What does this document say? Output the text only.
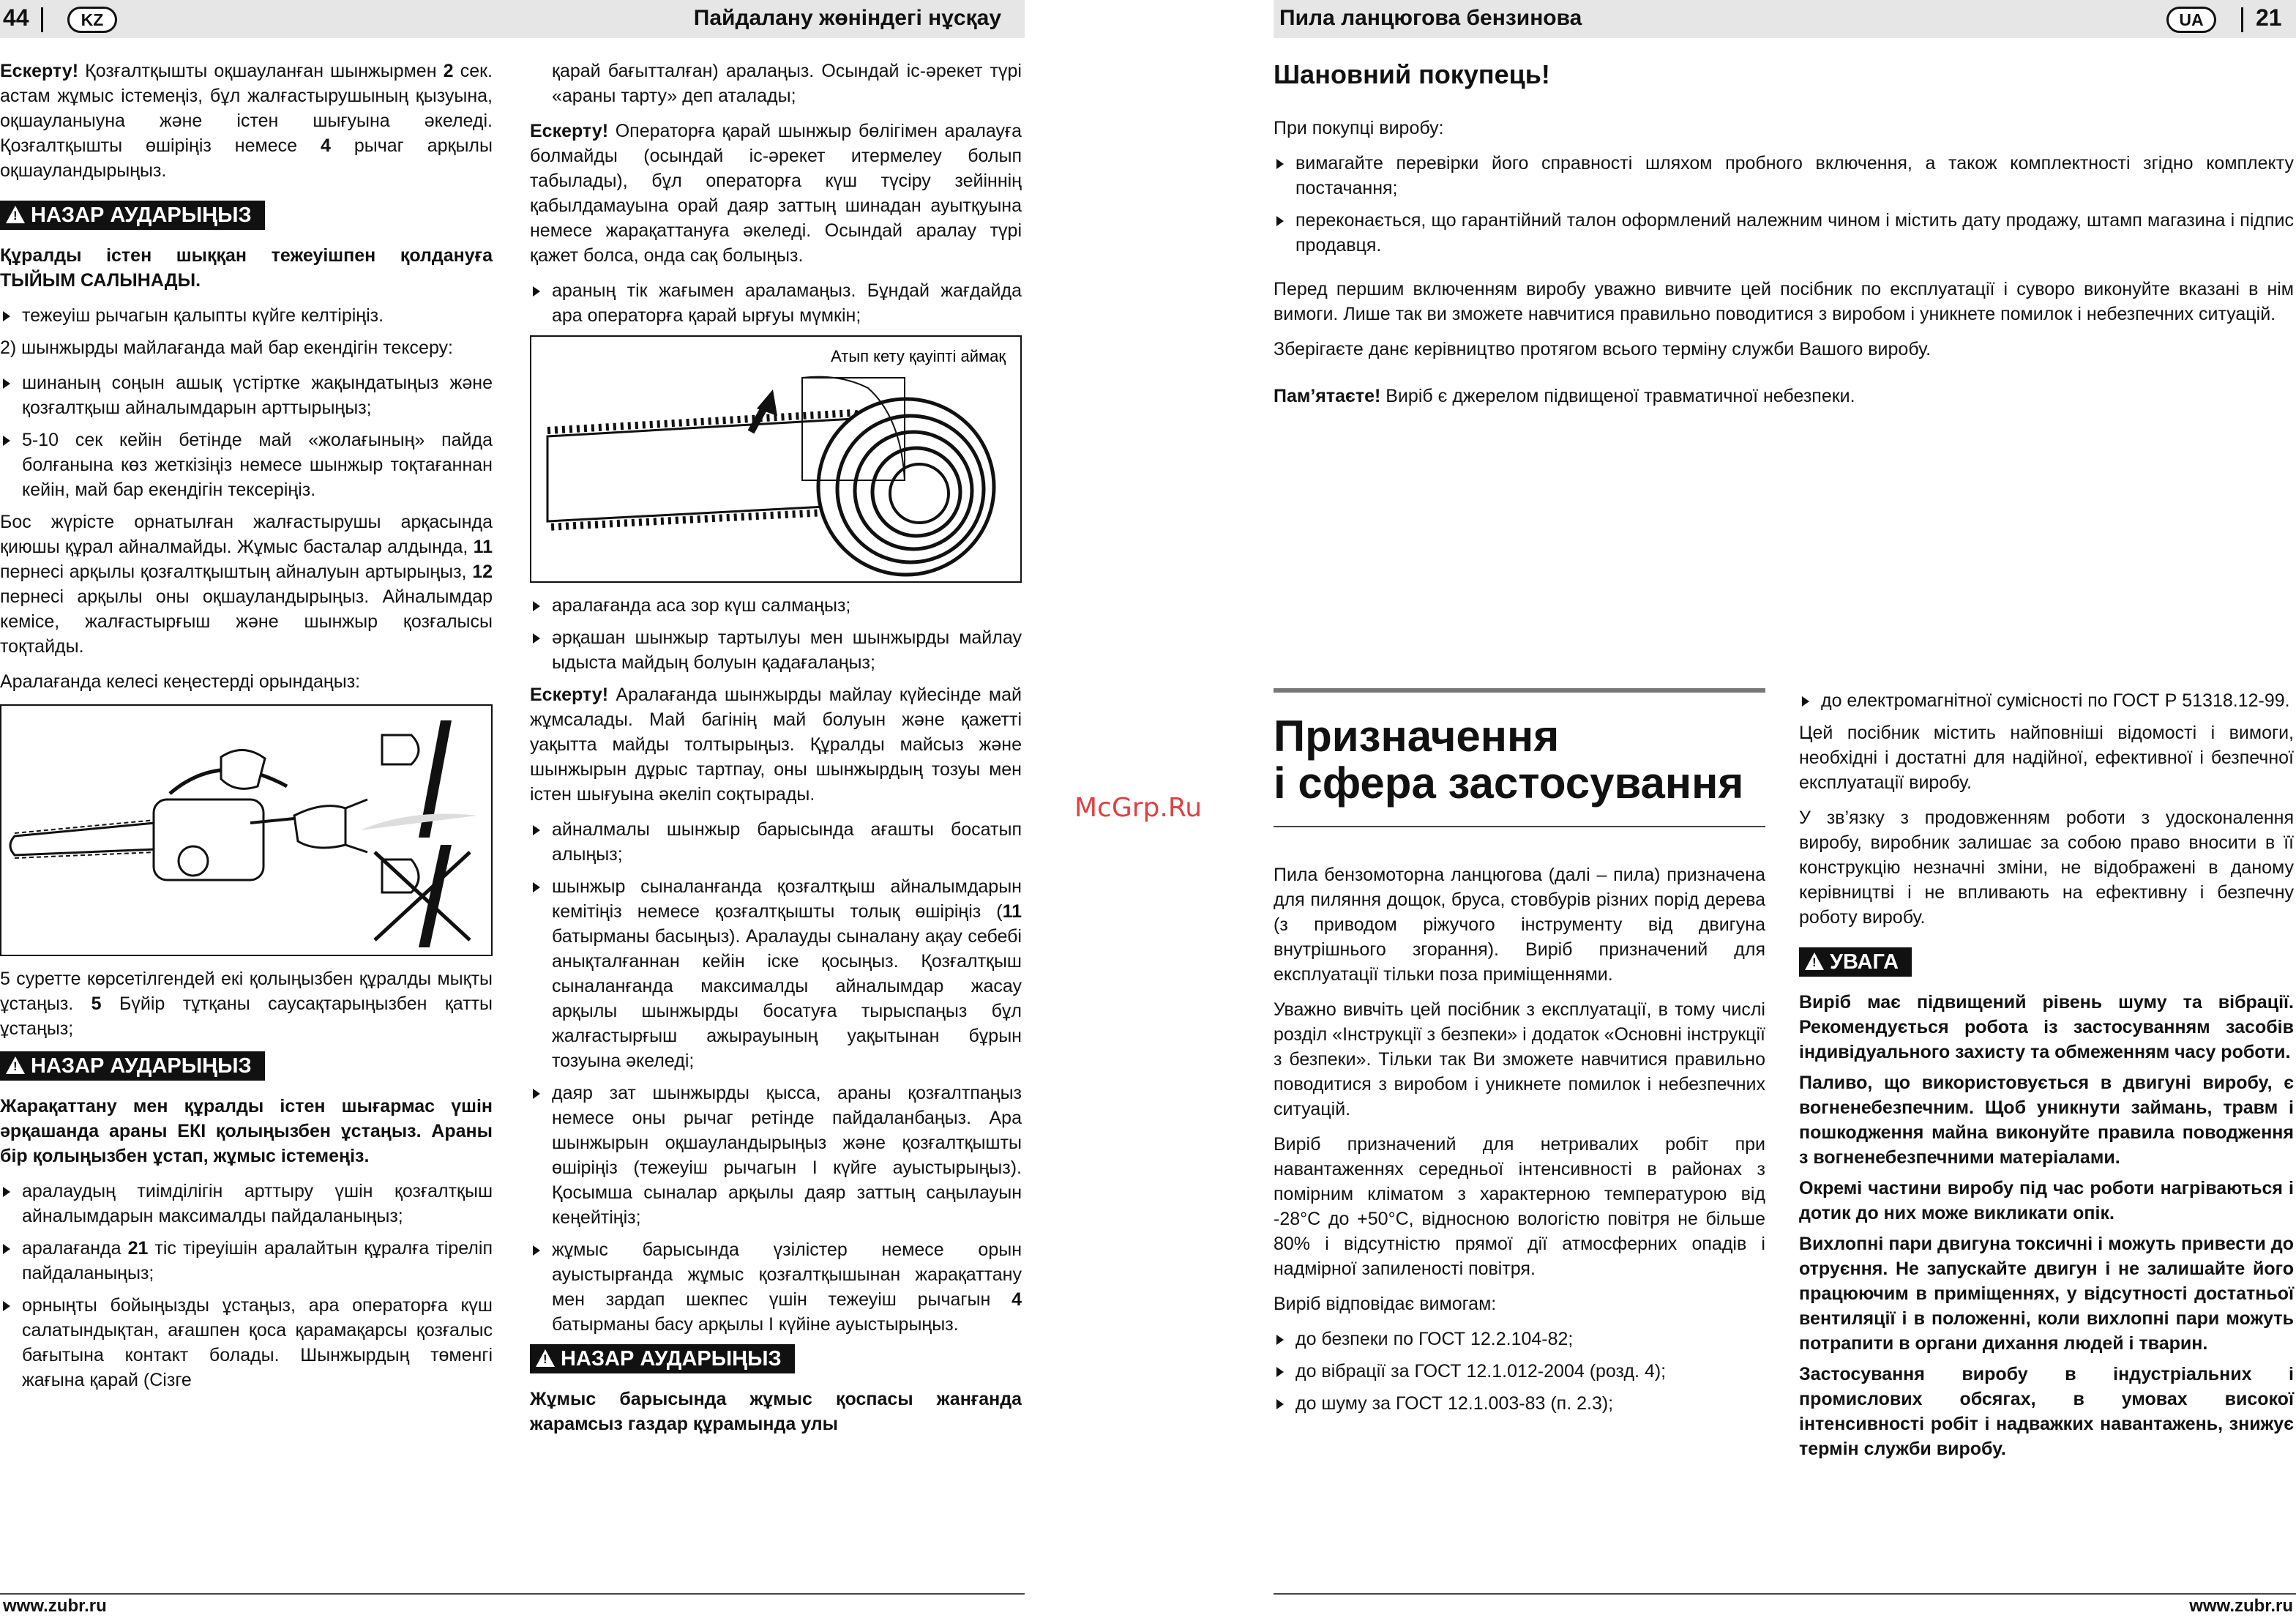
44	KZ	Пайдалану жөніндегі нұсқау

Ескерту! Қозғалтқышты оқшауланған шынжырмен 2 сек. астам жұмыс істемеңіз, бұл жалғастырушының қызуына, оқшауланыуна және істен шығуына әкеледі. Қозғалтқышты өшіріңіз немесе 4 рычаг арқылы оқшауландырыңыз.

! НАЗАР АУДАРЫҢЫЗ

Құралды істен шыққан тежеуішпен қолдануға ТЫЙЫМ САЛЫНАДЫ.

тежеуіш рычагын қалыпты күйге келтіріңіз.

2) шынжырды майлағанда май бар екендігін тексеру:

шинаның соңын ашық үстіртке жақындатыңыз және қозғалтқыш айналымдарын арттырыңыз;
5-10 сек кейін бетінде май «жолағының» пайда болғанына көз жеткізіңіз немесе шынжыр тоқтағаннан кейін, май бар екендігін тексеріңіз.

Бос жүрісте орнатылған жалғастырушы арқасында қиюшы құрал айналмайды. Жұмыс басталар алдында, 11 пернесі арқылы қозғалтқыштың айналуын артырыңыз, 12 пернесі арқылы оны оқшауландырыңыз. Айналымдар кемісе, жалғастырғыш және шынжыр қозғалысы тоқтайды.

Аралағанда келесі кеңестерді орындаңыз:

5 суретте көрсетілгендей екі қолыңызбен құралды мықты ұстаңыз. 5 Бүйір тұтқаны саусақтарыңызбен қатты ұстаңыз;

! НАЗАР АУДАРЫҢЫЗ

Жарақаттану мен құралды істен шығармас үшін әрқашанда араны ЕКІ қолыңызбен ұстаңыз. Араны бір қолыңызбен ұстап, жұмыс істемеңіз.

аралаудың тиімділігін арттыру үшін қозғалтқыш айналымдарын максималды пайдаланыңыз;
аралағанда 21 тіс тіреуішін аралайтын құралға тіреліп пайдаланыңыз;
орныңты бойыңызды ұстаңыз, ара операторға күш салатындықтан, ағашпен қоса қарамақарсы қозғалыс бағытына контакт болады. Шынжырдың төменгі жағына қарай (Сізге

қарай бағытталған) аралаңыз. Осындай іс-әрекет түрі «араны тарту» деп аталады;

Ескерту! Операторға қарай шынжыр бөлігімен аралауға болмайды (осындай іс-әрекет итермелеу болып табылады), бұл операторға күш түсіру зейіннің қабылдамауына орай даяр заттың шинадан ауытқуына немесе жарақаттануға әкеледі. Осындай аралау түрі қажет болса, онда сақ болыңыз.

араның тік жағымен араламаңыз. Бұндай жағдайда ара операторға қарай ырғуы мүмкін;
Атып кету қауіпті аймақ
аралағанда аса зор күш салмаңыз;
әрқашан шынжыр тартылуы мен шынжырды майлау ыдыста майдың болуын қадағалаңыз;

Ескерту! Аралағанда шынжырды майлау күйесінде май жұмсалады. Май багінің май болуын және қажетті уақытта майды толтырыңыз. Құралды майсыз және шынжырын дұрыс тартпау, оны шынжырдың тозуы мен істен шығуына әкеліп соқтырады.

айналмалы шынжыр барысында ағашты босатып алыңыз;
шынжыр сыналанғанда қозғалтқыш айналымдарын кемітіңіз немесе қозғалтқышты толық өшіріңіз (11 батырманы басыңыз). Аралауды сыналану ақау себебі анықталғаннан кейін іске қосыңыз. Қозғалтқыш сыналанғанда максималды айналымдар жасау арқылы шынжырды босатуға тырыспаңыз бұл жалғастырғыш ажырауының уақытынан бұрын тозуына әкеледі;
даяр зат шынжырды қысса, араны қозғалтпаңыз немесе оны рычаг ретінде пайдаланбаңыз. Ара шынжырын оқшауландырыңыз және қозғалтқышты өшіріңіз (тежеуіш рычагын I күйге ауыстырыңыз). Қосымша сыналар арқылы даяр заттың саңылауын кеңейтіңіз;
жұмыс барысында үзілістер немесе орын ауыстырғанда жұмыс қозғалтқышынан жарақаттану мен зардап шекпес үшін тежеуіш рычагын 4 батырманы басу арқылы I күйіне ауыстырыңыз.
! НАЗАР АУДАРЫҢЫЗ

Жұмыс барысында жұмыс қоспасы жанғанда жарамсыз газдар құрамында улы

www.zubr.ru
McGrp.Ru
Пила ланцюгова бензинова	UA	21

Шановний покупець!

При покупці виробу:

вимагайте перевірки його справності шляхом пробного включення, а також комплектності згідно комплекту постачання;
переконається, що гарантійний талон оформлений належним чином і містить дату продажу, штамп магазина і підпис продавця.

Перед першим включенням виробу уважно вивчите цей посібник по експлуатації і суворо виконуйте вказані в нім вимоги. Лише так ви зможете навчитися правильно поводитися з виробом і уникнете помилок і небезпечних ситуацій.

Зберігаєте данє керівництво протягом всього терміну служби Вашого виробу.

Пам’ятаєте! Виріб є джерелом підвищеної травматичної небезпеки.

Призначення
і сфера застосування

Пила бензомоторна ланцюгова (далі – пила) призначена для пиляння дощок, бруса, стовбурів різних порід дерева (з приводом ріжучого інструменту від двигуна внутрішнього згорання). Виріб призначений для експлуатації тільки поза приміщеннями.

Уважно вивчіть цей посібник з експлуатації, в тому числі розділ «Інструкції з безпеки» і додаток «Основні інструкції з безпеки». Тільки так Ви зможете навчитися правильно поводитися з виробом і уникнете помилок і небезпечних ситуацій.

Виріб призначений для нетривалих робіт при навантаженнях середньої інтенсивності в районах з помірним кліматом з характерною температурою від -28°С до +50°С, відносною вологістю повітря не більше 80% і відсутністю прямої дії атмосферних опадів і надмірної запиленості повітря.

Виріб відповідає вимогам:

до безпеки по ГОСТ 12.2.104-82;
до вібрації за ГОСТ 12.1.012-2004 (розд. 4);
до шуму за ГОСТ 12.1.003-83 (п. 2.3);
до електромагнітної сумісності по ГОСТ Р 51318.12-99.

Цей посібник містить найповніші відомості і вимоги, необхідні і достатні для надійної, ефективної і безпечної експлуатації виробу.

У зв’язку з продовженням роботи з удосконалення виробу, виробник залишає за собою право вносити в її конструкцію незначні зміни, не відображені в даному керівництві і не впливають на ефективну і безпечну роботу виробу.

! УВАГА

Виріб має підвищений рівень шуму та вібрації. Рекомендується робота із застосуванням засобів індивідуального захисту та обмеженням часу роботи.

Паливо, що використовується в двигуні виробу, є вогненебезпечним. Щоб уникнути займань, травм і пошкодження майна виконуйте правила поводження з вогненебезпечними матеріалами.

Окремі частини виробу під час роботи нагріваються і дотик до них може викликати опік.

Вихлопні пари двигуна токсичні і можуть привести до отруєння. Не запускайте двигун і не залишайте його працюючим в приміщеннях, у відсутності достатньої вентиляції і в положенні, коли вихлопні пари можуть потрапити в органи дихання людей і тварин.

Застосування виробу в індустріальних і промислових обсягах, в умовах високої інтенсивності робіт і надважких навантажень, знижує термін служби виробу.

www.zubr.ru
